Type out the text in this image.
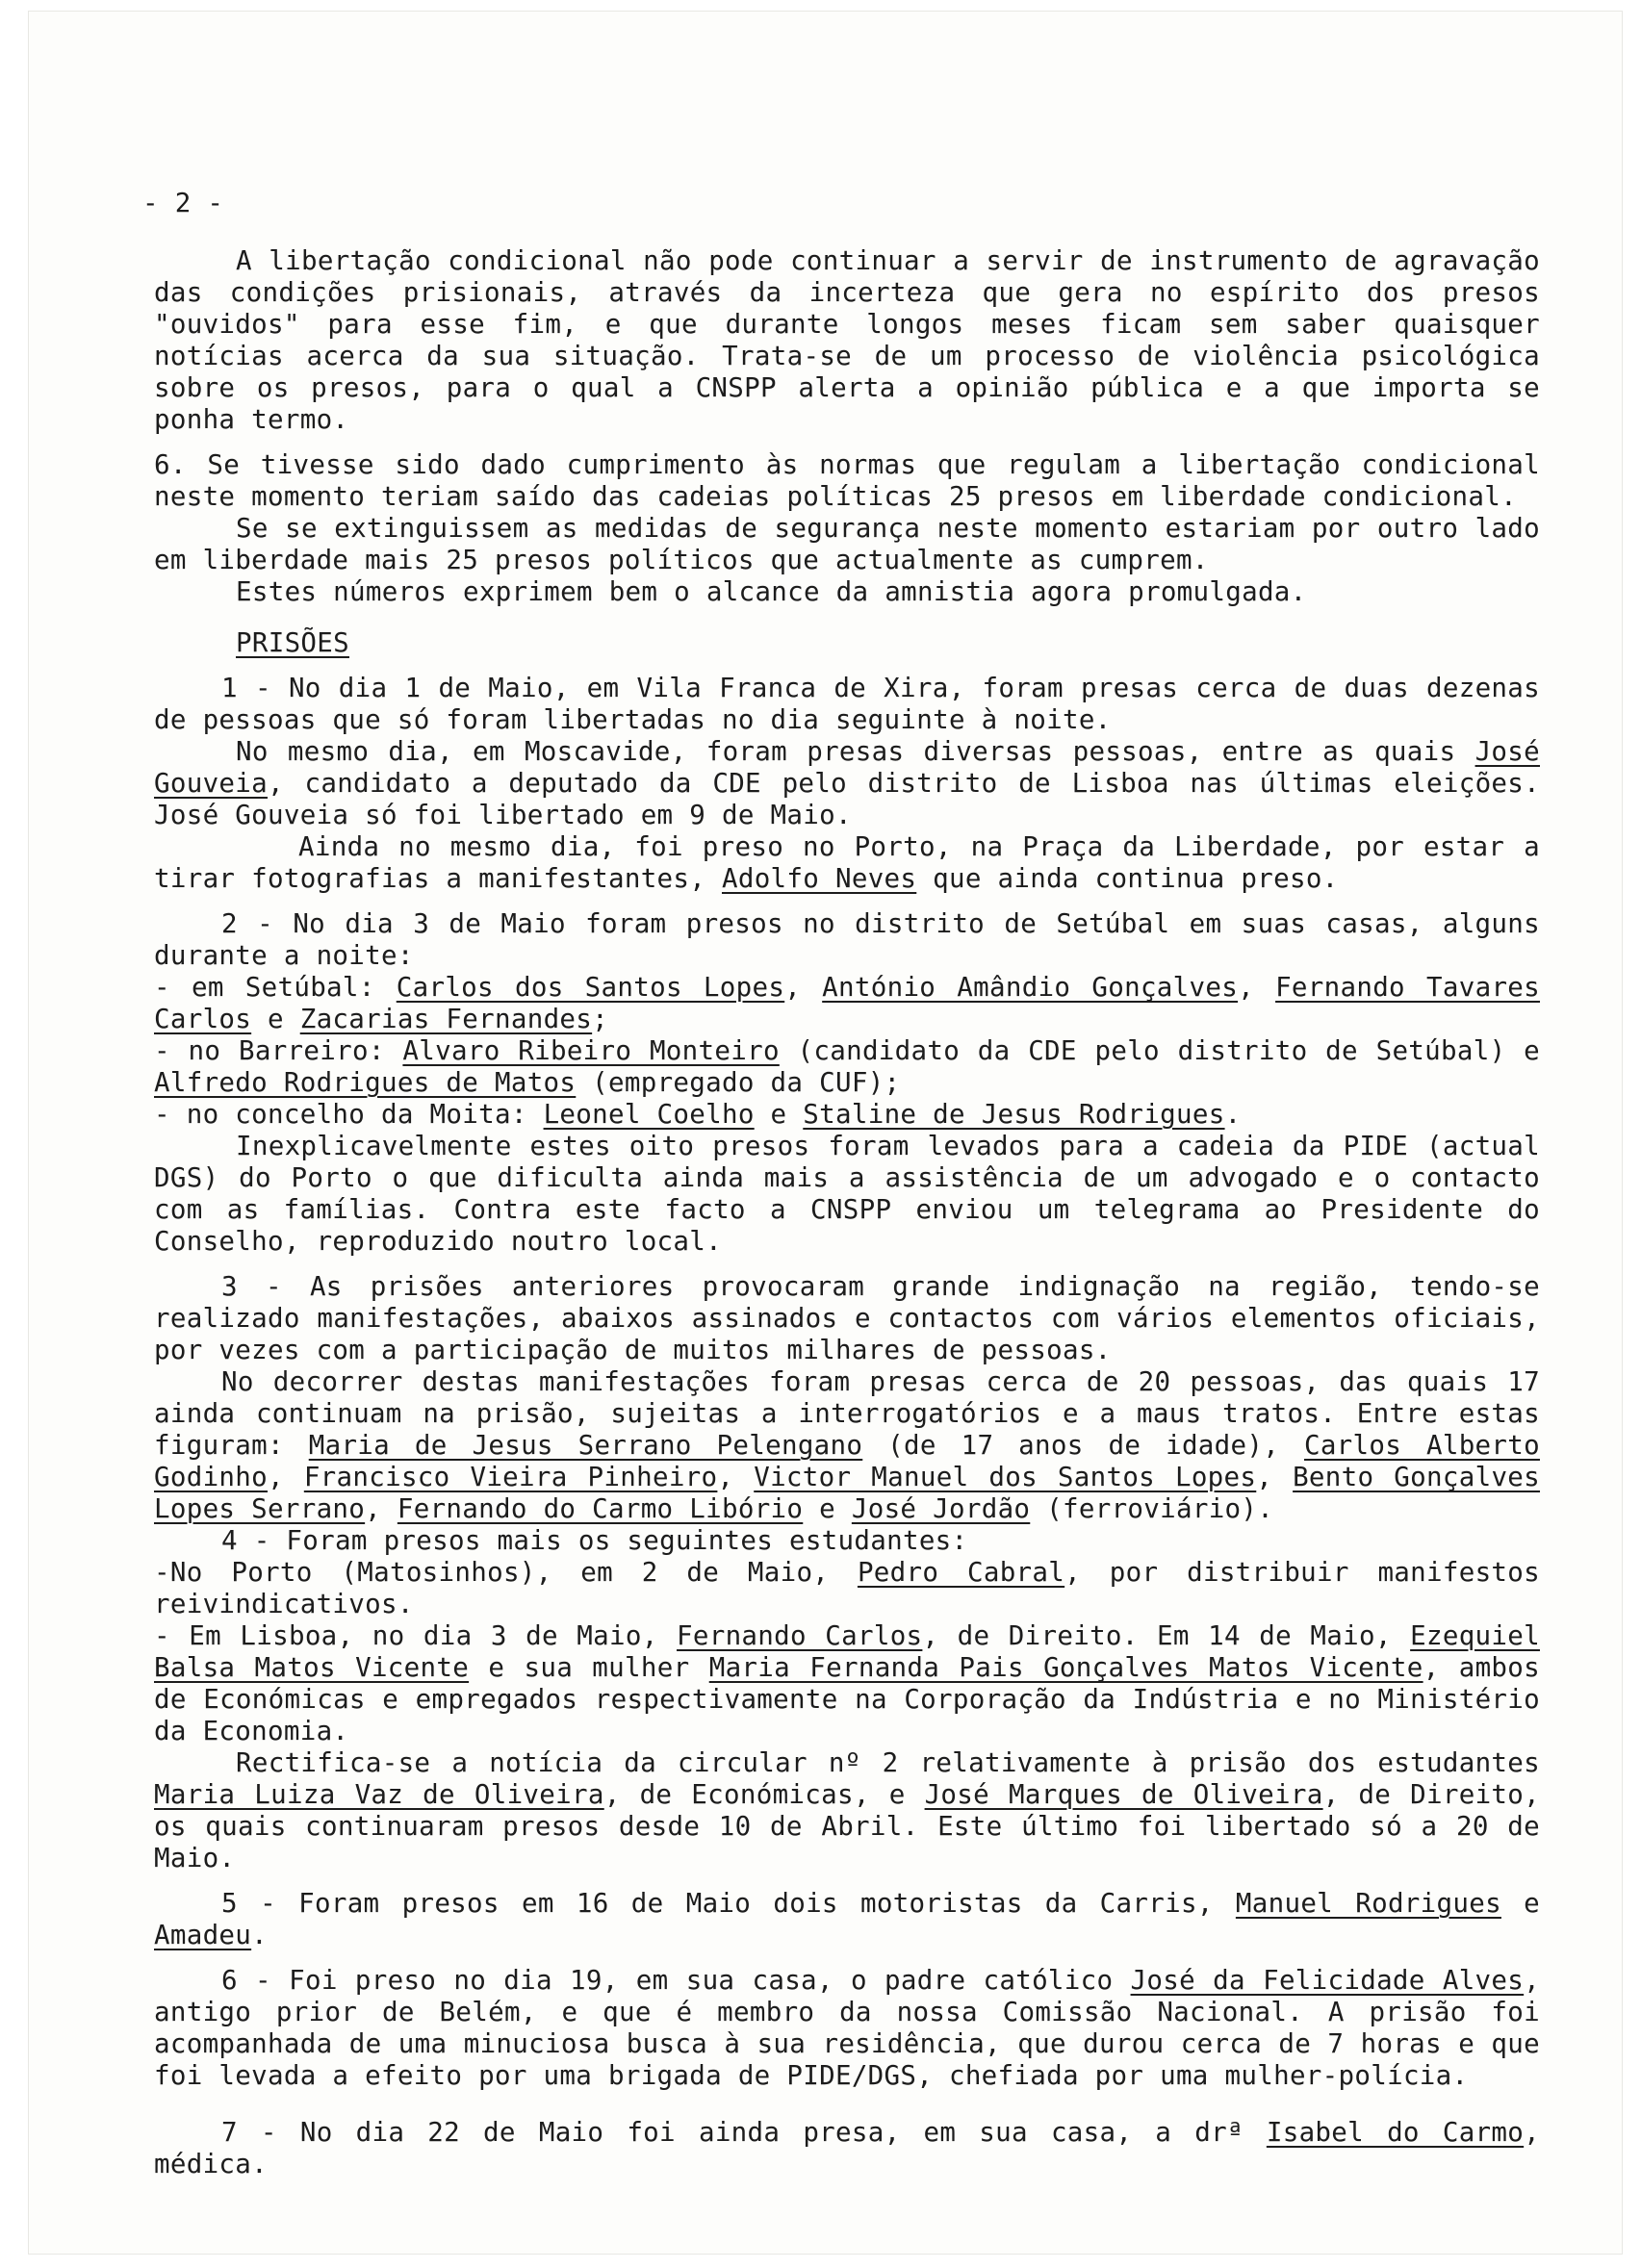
- 2 -

A libertação condicional não pode continuar a servir de instrumento de agravação das condições prisionais, através da incerteza que gera no espírito dos presos "ouvidos" para esse fim, e que durante longos meses ficam sem saber quaisquer notícias acerca da sua situação. Trata-se de um processo de violência psicológica sobre os presos, para o qual a CNSPP alerta a opinião pública e a que importa se ponha termo.

6. Se tivesse sido dado cumprimento às normas que regulam a libertação condicional neste momento teriam saído das cadeias políticas 25 presos em liberdade condicional.

Se se extinguissem as medidas de segurança neste momento estariam por outro lado em liberdade mais 25 presos políticos que actualmente as cumprem.

Estes números exprimem bem o alcance da amnistia agora promulgada.

PRISÕES

1 - No dia 1 de Maio, em Vila Franca de Xira, foram presas cerca de duas dezenas de pessoas que só foram libertadas no dia seguinte à noite.

No mesmo dia, em Moscavide, foram presas diversas pessoas, entre as quais José Gouveia, candidato a deputado da CDE pelo distrito de Lisboa nas últimas eleições. José Gouveia só foi libertado em 9 de Maio.

Ainda no mesmo dia, foi preso no Porto, na Praça da Liberdade, por estar a tirar fotografias a manifestantes, Adolfo Neves que ainda continua preso.

2 - No dia 3 de Maio foram presos no distrito de Setúbal em suas casas, alguns durante a noite:

- em Setúbal: Carlos dos Santos Lopes, António Amândio Gonçalves, Fernando Tavares Carlos e Zacarias Fernandes;

- no Barreiro: Alvaro Ribeiro Monteiro (candidato da CDE pelo distrito de Setúbal) e Alfredo Rodrigues de Matos (empregado da CUF);

- no concelho da Moita: Leonel Coelho e Staline de Jesus Rodrigues.

Inexplicavelmente estes oito presos foram levados para a cadeia da PIDE (actual DGS) do Porto o que dificulta ainda mais a assistência de um advogado e o contacto com as famílias. Contra este facto a CNSPP enviou um telegrama ao Presidente do Conselho, reproduzido noutro local.

3 - As prisões anteriores provocaram grande indignação na região, tendo-se realizado manifestações, abaixos assinados e contactos com vários elementos oficiais, por vezes com a participação de muitos milhares de pessoas.

No decorrer destas manifestações foram presas cerca de 20 pessoas, das quais 17 ainda continuam na prisão, sujeitas a interrogatórios e a maus tratos. Entre estas figuram: Maria de Jesus Serrano Pelengano (de 17 anos de idade), Carlos Alberto Godinho, Francisco Vieira Pinheiro, Victor Manuel dos Santos Lopes, Bento Gonçalves Lopes Serrano, Fernando do Carmo Libório e José Jordão (ferroviário).

4 - Foram presos mais os seguintes estudantes:

-No Porto (Matosinhos), em 2 de Maio, Pedro Cabral, por distribuir manifestos reivindicativos.

- Em Lisboa, no dia 3 de Maio, Fernando Carlos, de Direito. Em 14 de Maio, Ezequiel Balsa Matos Vicente e sua mulher Maria Fernanda Pais Gonçalves Matos Vicente, ambos de Económicas e empregados respectivamente na Corporação da Indústria e no Ministério da Economia.

Rectifica-se a notícia da circular nº 2 relativamente à prisão dos estudantes Maria Luiza Vaz de Oliveira, de Económicas, e José Marques de Oliveira, de Direito, os quais continuaram presos desde 10 de Abril. Este último foi libertado só a 20 de Maio.

5 - Foram presos em 16 de Maio dois motoristas da Carris, Manuel Rodrigues e Amadeu.

6 - Foi preso no dia 19, em sua casa, o padre católico José da Felicidade Alves, antigo prior de Belém, e que é membro da nossa Comissão Nacional. A prisão foi acompanhada de uma minuciosa busca à sua residência, que durou cerca de 7 horas e que foi levada a efeito por uma brigada de PIDE/DGS, chefiada por uma mulher-polícia.

7 - No dia 22 de Maio foi ainda presa, em sua casa, a drª Isabel do Carmo, médica.
